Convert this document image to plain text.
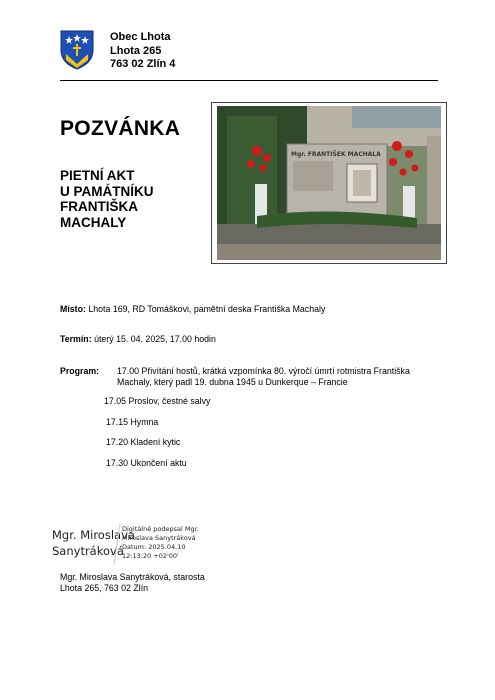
Obec Lhota
Lhota 265
763 02 Zlín 4
POZVÁNKA
PIETNÍ AKT
U PAMÁTNÍKU
FRANTIŠKA
MACHALY
Mgr. FRANTIŠEK MACHALA
Místo: Lhota 169, RD Tomáškovi, pamětní deska Františka Machaly
Termín: úterý 15. 04. 2025, 17.00 hodin
Program: 17.00 Přivítání hostů, krátká vzpomínka 80. výročí úmrtí rotmistra Františka
Machaly, který padl 19. dubna 1945 u Dunkerque – Francie
17.05 Proslov, čestné salvy
17.15 Hymna
17.20 Kladení kytic
17.30 Ukončení aktu
Mgr. Miroslava
Sanytráková
Digitálně podepsal Mgr.
Miroslava Sanytráková
Datum: 2025.04.10
12:13:20 +02'00'
Mgr. Miroslava Sanytráková, starosta
Lhota 265, 763 02 Zlín
